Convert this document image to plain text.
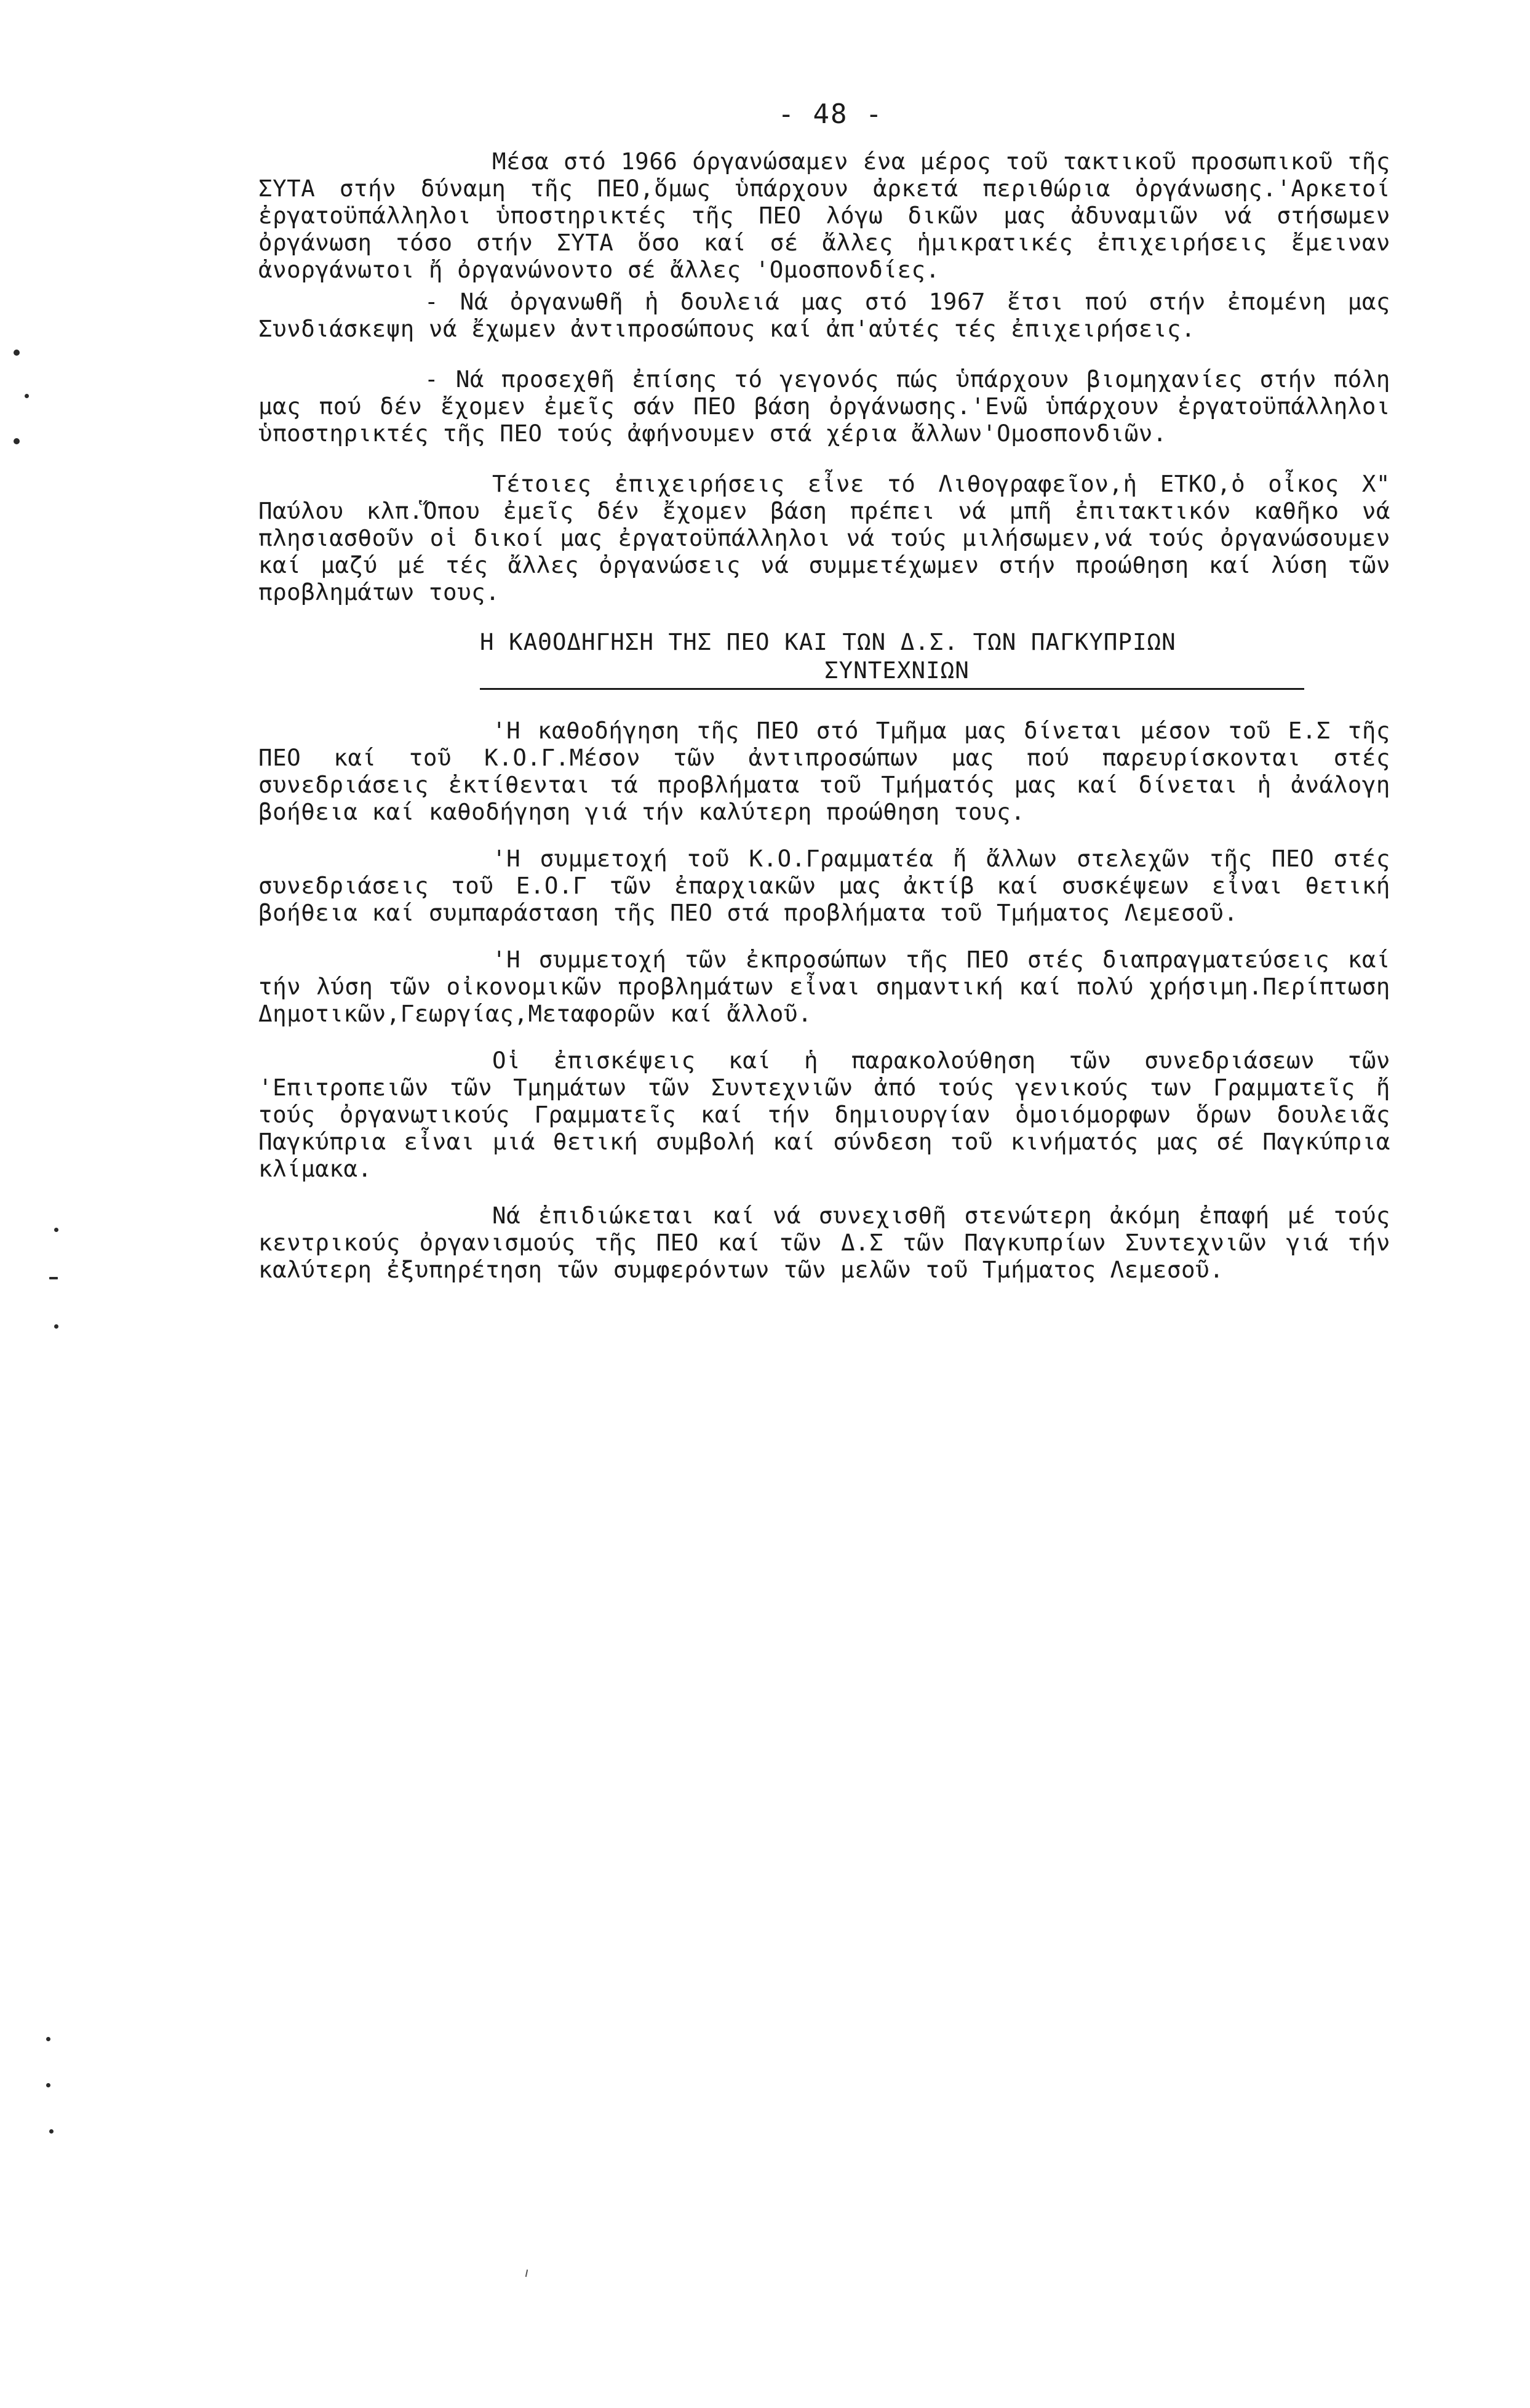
- 48 -

Μέσα στό 1966 όργανώσαμεν ένα μέρος τοῦ τακτικοῦ προσωπικοῦ τῆς ΣΥΤΑ στήν δύναμη τῆς ΠΕΟ,ὅμως ὑπάρχουν ἀρκετά περιθώρια ὀργάνωσης.'Αρκετοί ἐργατοϋπάλληλοι ὑποστηρικτές τῆς ΠΕΟ λόγω δικῶν μας ἀδυναμιῶν νά στήσωμεν ὀργάνωση τόσο στήν ΣΥΤΑ ὅσο καί σέ ἄλλες ἡμικρατικές ἐπιχειρήσεις ἔμειναν ἀνοργάνωτοι ἤ ὀργανώνοντο σέ ἄλλες 'Ομοσπονδίες.

- Νά ὀργανωθῆ ἡ δουλειά μας στό 1967 ἔτσι πού στήν ἐπομένη μας Συνδιάσκεψη νά ἔχωμεν ἀντιπροσώπους καί ἀπ'αὐτές τές ἐπιχειρήσεις.

- Νά προσεχθῆ ἐπίσης τό γεγονός πώς ὑπάρχουν βιομηχανίες στήν πόλη μας πού δέν ἔχομεν ἐμεῖς σάν ΠΕΟ βάση ὀργάνωσης.'Ενῶ ὑπάρχουν ἐργατοϋπάλληλοι ὑποστηρικτές τῆς ΠΕΟ τούς ἀφήνουμεν στά χέρια ἄλλων'Ομοσπονδιῶν.

Τέτοιες ἐπιχειρήσεις εἶνε τό Λιθογραφεῖον,ἡ ΕΤΚΟ,ὁ οἶκος Χ" Παύλου κλπ.Ὅπου ἐμεῖς δέν ἔχομεν βάση πρέπει νά μπῆ ἐπιτακτικόν καθῆκο νά πλησιασθοῦν οἱ δικοί μας ἐργατοϋπάλληλοι νά τούς μιλήσωμεν,νά τούς ὀργανώσουμεν καί μαζύ μέ τές ἄλλες ὀργανώσεις νά συμμετέχωμεν στήν προώθηση καί λύση τῶν προβλημάτων τους.

Η ΚΑΘΟΔΗΓΗΣΗ ΤΗΣ ΠΕΟ ΚΑΙ ΤΩΝ Δ.Σ. ΤΩΝ ΠΑΓΚΥΠΡΙΩΝ
ΣΥΝΤΕΧΝΙΩΝ

'Η καθοδήγηση τῆς ΠΕΟ στό Τμῆμα μας δίνεται μέσον τοῦ Ε.Σ τῆς ΠΕΟ καί τοῦ Κ.Ο.Γ.Μέσον τῶν ἀντιπροσώπων μας πού παρευρίσκονται στές συνεδριάσεις ἐκτίθενται τά προβλήματα τοῦ Τμήματός μας καί δίνεται ἡ ἀνάλογη βοήθεια καί καθοδήγηση γιά τήν καλύτερη προώθηση τους.

'Η συμμετοχή τοῦ Κ.Ο.Γραμματέα ἤ ἄλλων στελεχῶν τῆς ΠΕΟ στές συνεδριάσεις τοῦ Ε.Ο.Γ τῶν ἐπαρχιακῶν μας ἀκτίβ καί συσκέψεων εἶναι θετική βοήθεια καί συμπαράσταση τῆς ΠΕΟ στά προβλήματα τοῦ Τμήματος Λεμεσοῦ.

'Η συμμετοχή τῶν ἐκπροσώπων τῆς ΠΕΟ στές διαπραγματεύσεις καί τήν λύση τῶν οἰκονομικῶν προβλημάτων εἶναι σημαντική καί πολύ χρήσιμη.Περίπτωση Δημοτικῶν,Γεωργίας,Μεταφορῶν καί ἄλλοῦ.

Οἱ ἐπισκέψεις καί ἡ παρακολούθηση τῶν συνεδριάσεων τῶν 'Επιτροπειῶν τῶν Τμημάτων τῶν Συντεχνιῶν ἀπό τούς γενικούς των Γραμματεῖς ἤ τούς ὀργανωτικούς Γραμματεῖς καί τήν δημιουργίαν ὁμοιόμορφων ὅρων δουλειᾶς Παγκύπρια εἶναι μιά θετική συμβολή καί σύνδεση τοῦ κινήματός μας σέ Παγκύπρια κλίμακα.

Νά ἐπιδιώκεται καί νά συνεχισθῆ στενώτερη ἀκόμη ἐπαφή μέ τούς κεντρικούς ὀργανισμούς τῆς ΠΕΟ καί τῶν Δ.Σ τῶν Παγκυπρίων Συντεχνιῶν γιά τήν καλύτερη ἐξυπηρέτηση τῶν συμφερόντων τῶν μελῶν τοῦ Τμήματος Λεμεσοῦ.
